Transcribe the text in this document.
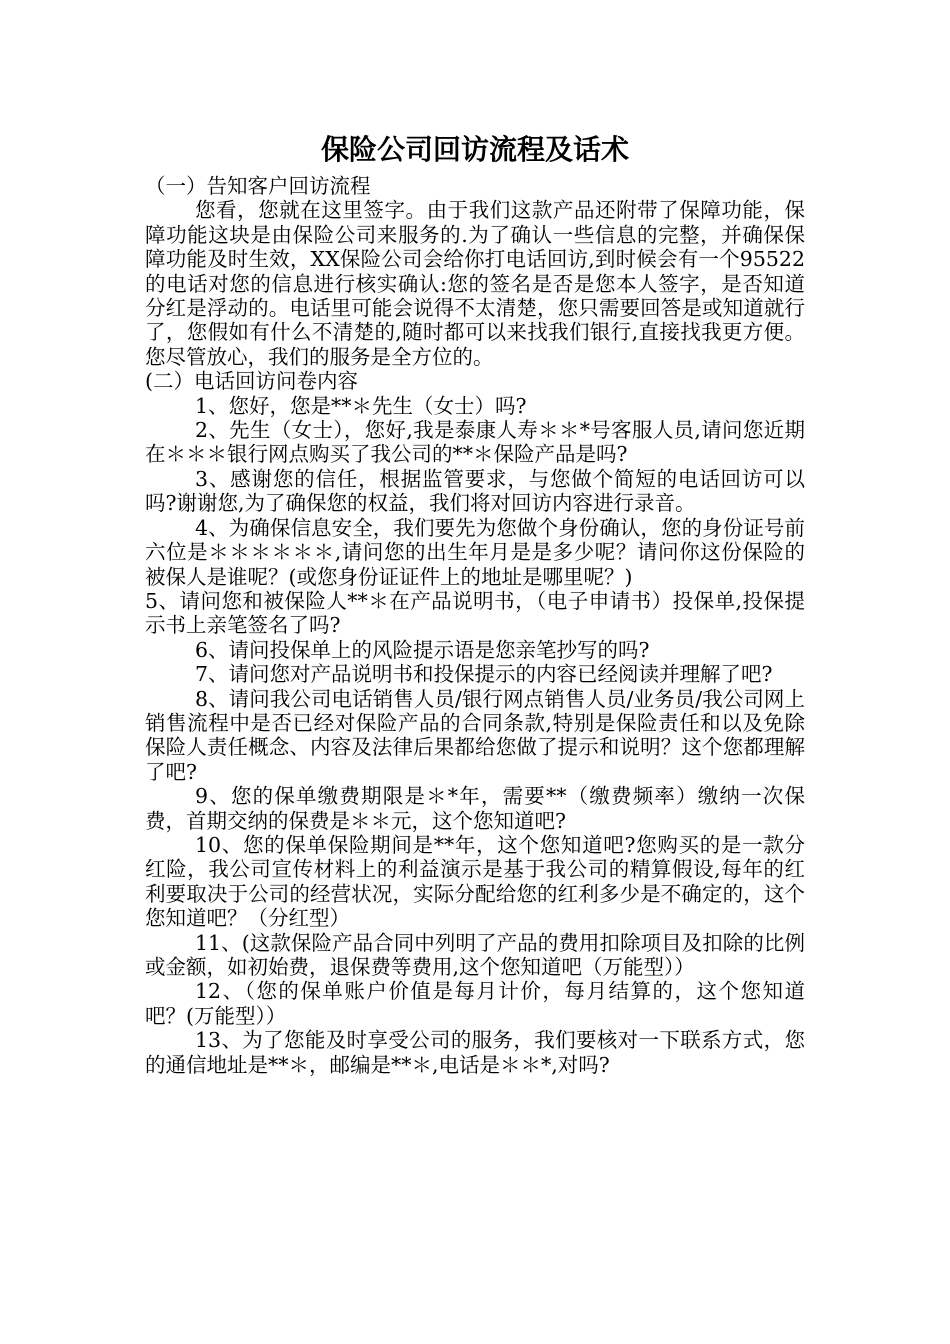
保险公司回访流程及话术

（一）告知客户回访流程

您看，您就在这里签字。由于我们这款产品还附带了保障功能，保障功能这块是由保险公司来服务的.为了确认一些信息的完整，并确保保障功能及时生效，XX保险公司会给你打电话回访,到时候会有一个95522的电话对您的信息进行核实确认:您的签名是否是您本人签字，是否知道分红是浮动的。电话里可能会说得不太清楚，您只需要回答是或知道就行了，您假如有什么不清楚的,随时都可以来找我们银行,直接找我更方便。您尽管放心，我们的服务是全方位的。

(二）电话回访问卷内容

1、您好，您是**＊先生（女士）吗?

2、先生（女士），您好,我是泰康人寿＊＊*号客服人员,请问您近期在＊＊＊银行网点购买了我公司的**＊保险产品是吗?

3、感谢您的信任，根据监管要求，与您做个简短的电话回访可以吗?谢谢您,为了确保您的权益，我们将对回访内容进行录音。

4、为确保信息安全，我们要先为您做个身份确认，您的身份证号前六位是＊＊＊＊＊＊,请问您的出生年月是是多少呢？请问你这份保险的被保人是谁呢？(或您身份证证件上的地址是哪里呢？)

5、请问您和被保险人**＊在产品说明书，（电子申请书）投保单,投保提示书上亲笔签名了吗?

6、请问投保单上的风险提示语是您亲笔抄写的吗?

7、请问您对产品说明书和投保提示的内容已经阅读并理解了吧?

8、请问我公司电话销售人员/银行网点销售人员/业务员/我公司网上销售流程中是否已经对保险产品的合同条款,特别是保险责任和以及免除保险人责任概念、内容及法律后果都给您做了提示和说明？这个您都理解了吧?

9、您的保单缴费期限是＊*年，需要**（缴费频率）缴纳一次保费，首期交纳的保费是＊＊元，这个您知道吧?

10、您的保单保险期间是**年，这个您知道吧?您购买的是一款分红险，我公司宣传材料上的利益演示是基于我公司的精算假设,每年的红利要取决于公司的经营状况，实际分配给您的红利多少是不确定的，这个您知道吧？（分红型）

11、(这款保险产品合同中列明了产品的费用扣除项目及扣除的比例或金额，如初始费，退保费等费用,这个您知道吧（万能型））

12、（您的保单账户价值是每月计价，每月结算的，这个您知道吧？(万能型））

13、为了您能及时享受公司的服务，我们要核对一下联系方式，您的通信地址是**＊，邮编是**＊,电话是＊＊*,对吗?
